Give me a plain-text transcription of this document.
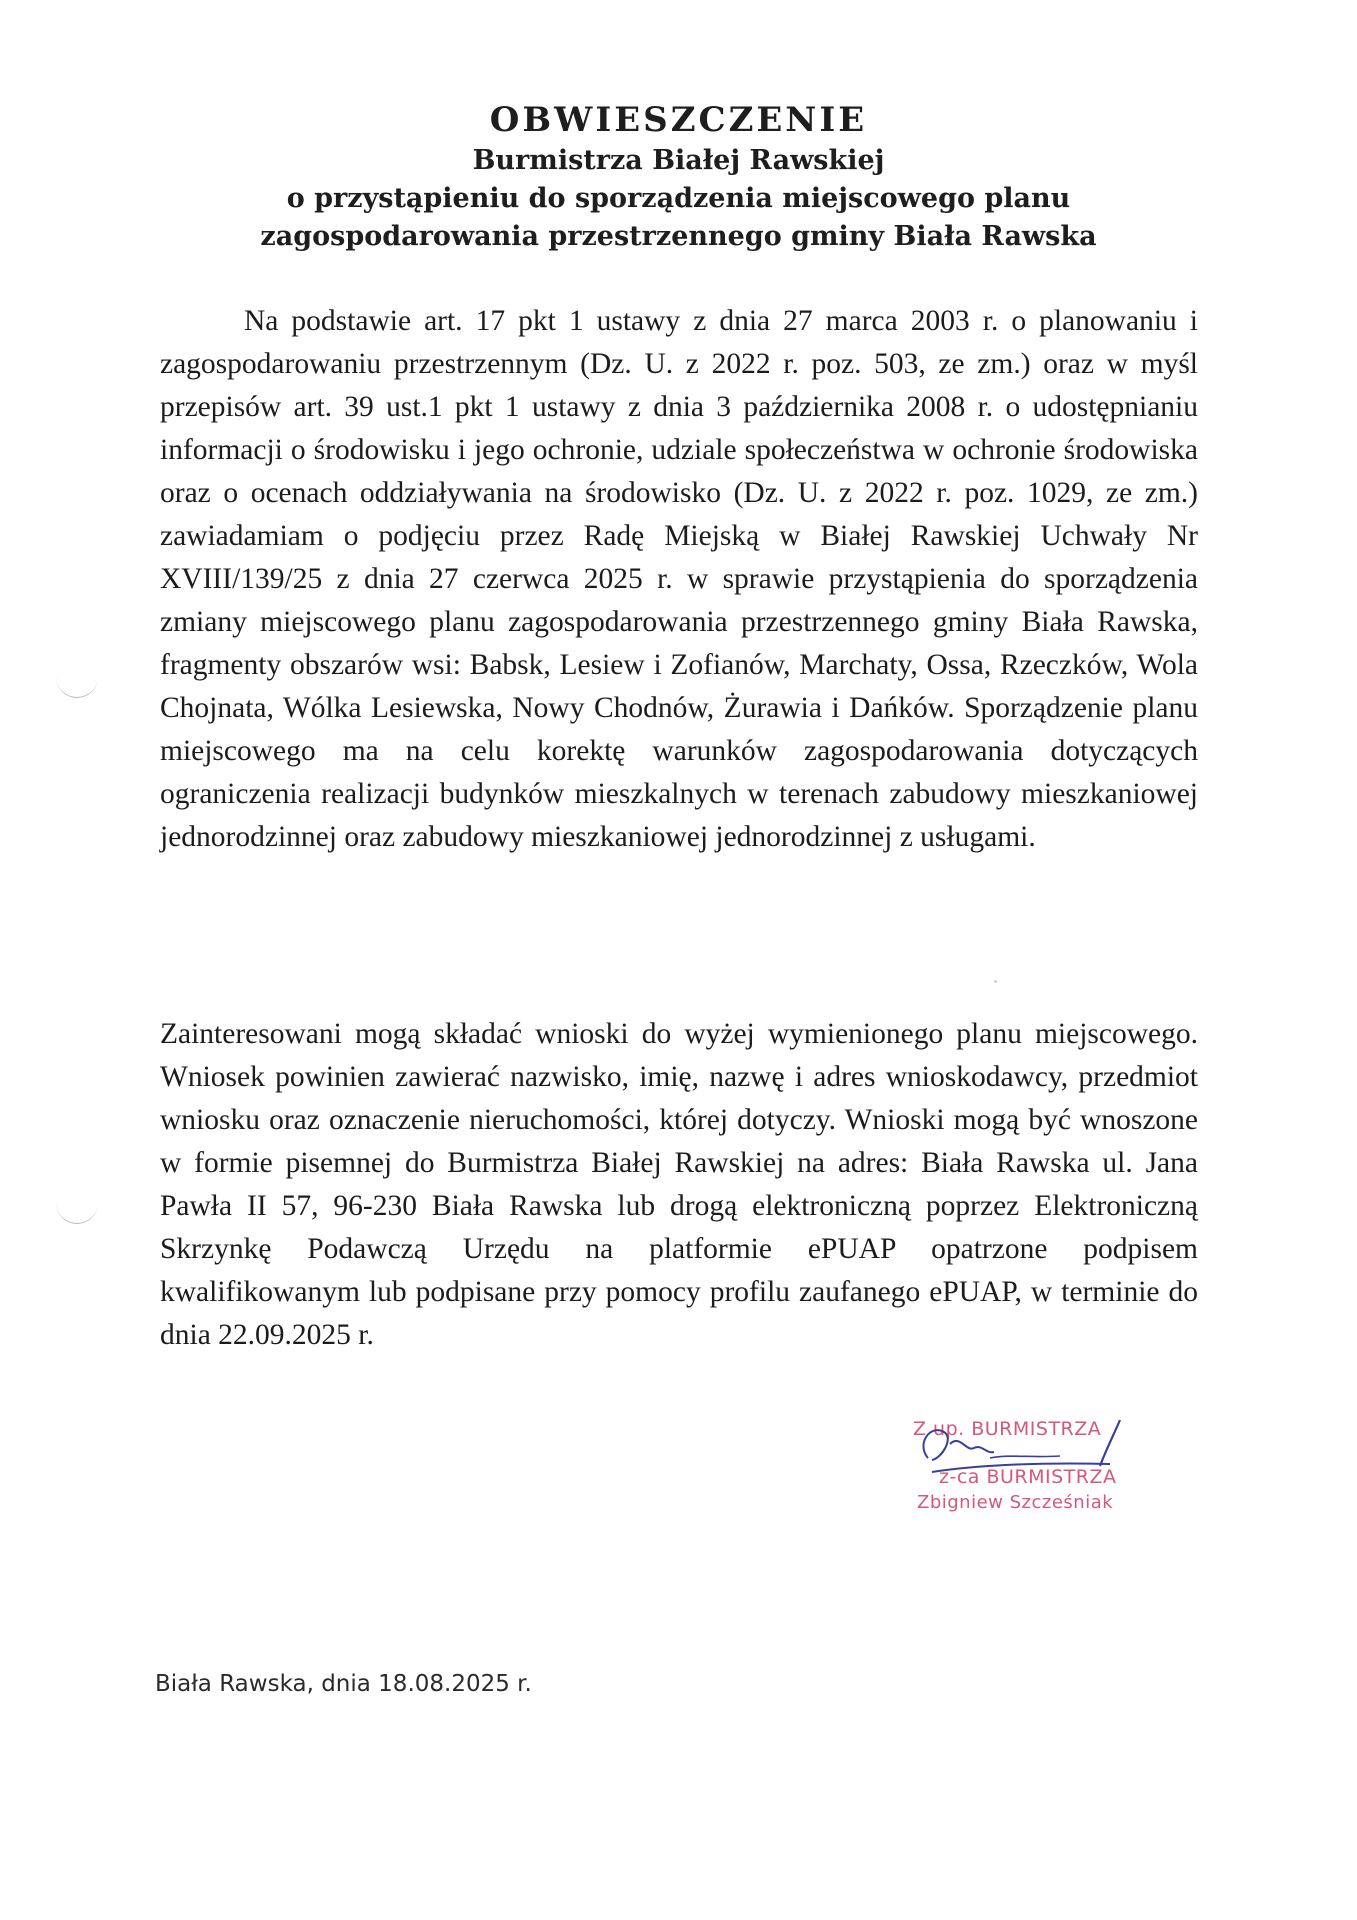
OBWIESZCZENIE

Burmistrza Białej Rawskiej

o przystąpieniu do sporządzenia miejscowego planu

zagospodarowania przestrzennego gminy Biała Rawska

Na podstawie art. 17 pkt 1 ustawy z dnia 27 marca 2003 r. o planowaniu i zagospodarowaniu przestrzennym (Dz. U. z 2022 r. poz. 503, ze zm.) oraz w myśl przepisów art. 39 ust.1 pkt 1 ustawy z dnia 3 października 2008 r. o udostępnianiu informacji o środowisku i jego ochronie, udziale społeczeństwa w ochronie środowiska oraz o ocenach oddziaływania na środowisko (Dz. U. z 2022 r. poz. 1029, ze zm.) zawiadamiam o podjęciu przez Radę Miejską w Białej Rawskiej Uchwały Nr XVIII/139/25 z dnia 27 czerwca 2025 r. w sprawie przystąpienia do sporządzenia zmiany miejscowego planu zagospodarowania przestrzennego gminy Biała Rawska, fragmenty obszarów wsi: Babsk, Lesiew i Zofianów, Marchaty, Ossa, Rzeczków, Wola Chojnata, Wólka Lesiewska, Nowy Chodnów, Żurawia i Dańków. Sporządzenie planu miejscowego ma na celu korektę warunków zagospodarowania dotyczących ograniczenia realizacji budynków mieszkalnych w terenach zabudowy mieszkaniowej jednorodzinnej oraz zabudowy mieszkaniowej jednorodzinnej z usługami.

Zainteresowani mogą składać wnioski do wyżej wymienionego planu miejscowego. Wniosek powinien zawierać nazwisko, imię, nazwę i adres wnioskodawcy, przedmiot wniosku oraz oznaczenie nieruchomości, której dotyczy. Wnioski mogą być wnoszone w formie pisemnej do Burmistrza Białej Rawskiej na adres: Biała Rawska ul. Jana Pawła II 57, 96-230 Biała Rawska lub drogą elektroniczną poprzez Elektroniczną Skrzynkę Podawczą Urzędu na platformie ePUAP opatrzone podpisem kwalifikowanym lub podpisane przy pomocy profilu zaufanego ePUAP, w terminie do dnia 22.09.2025 r.

Z up. BURMISTRZA
z-ca BURMISTRZA
Zbigniew Szcześniak

Biała Rawska, dnia 18.08.2025 r.
